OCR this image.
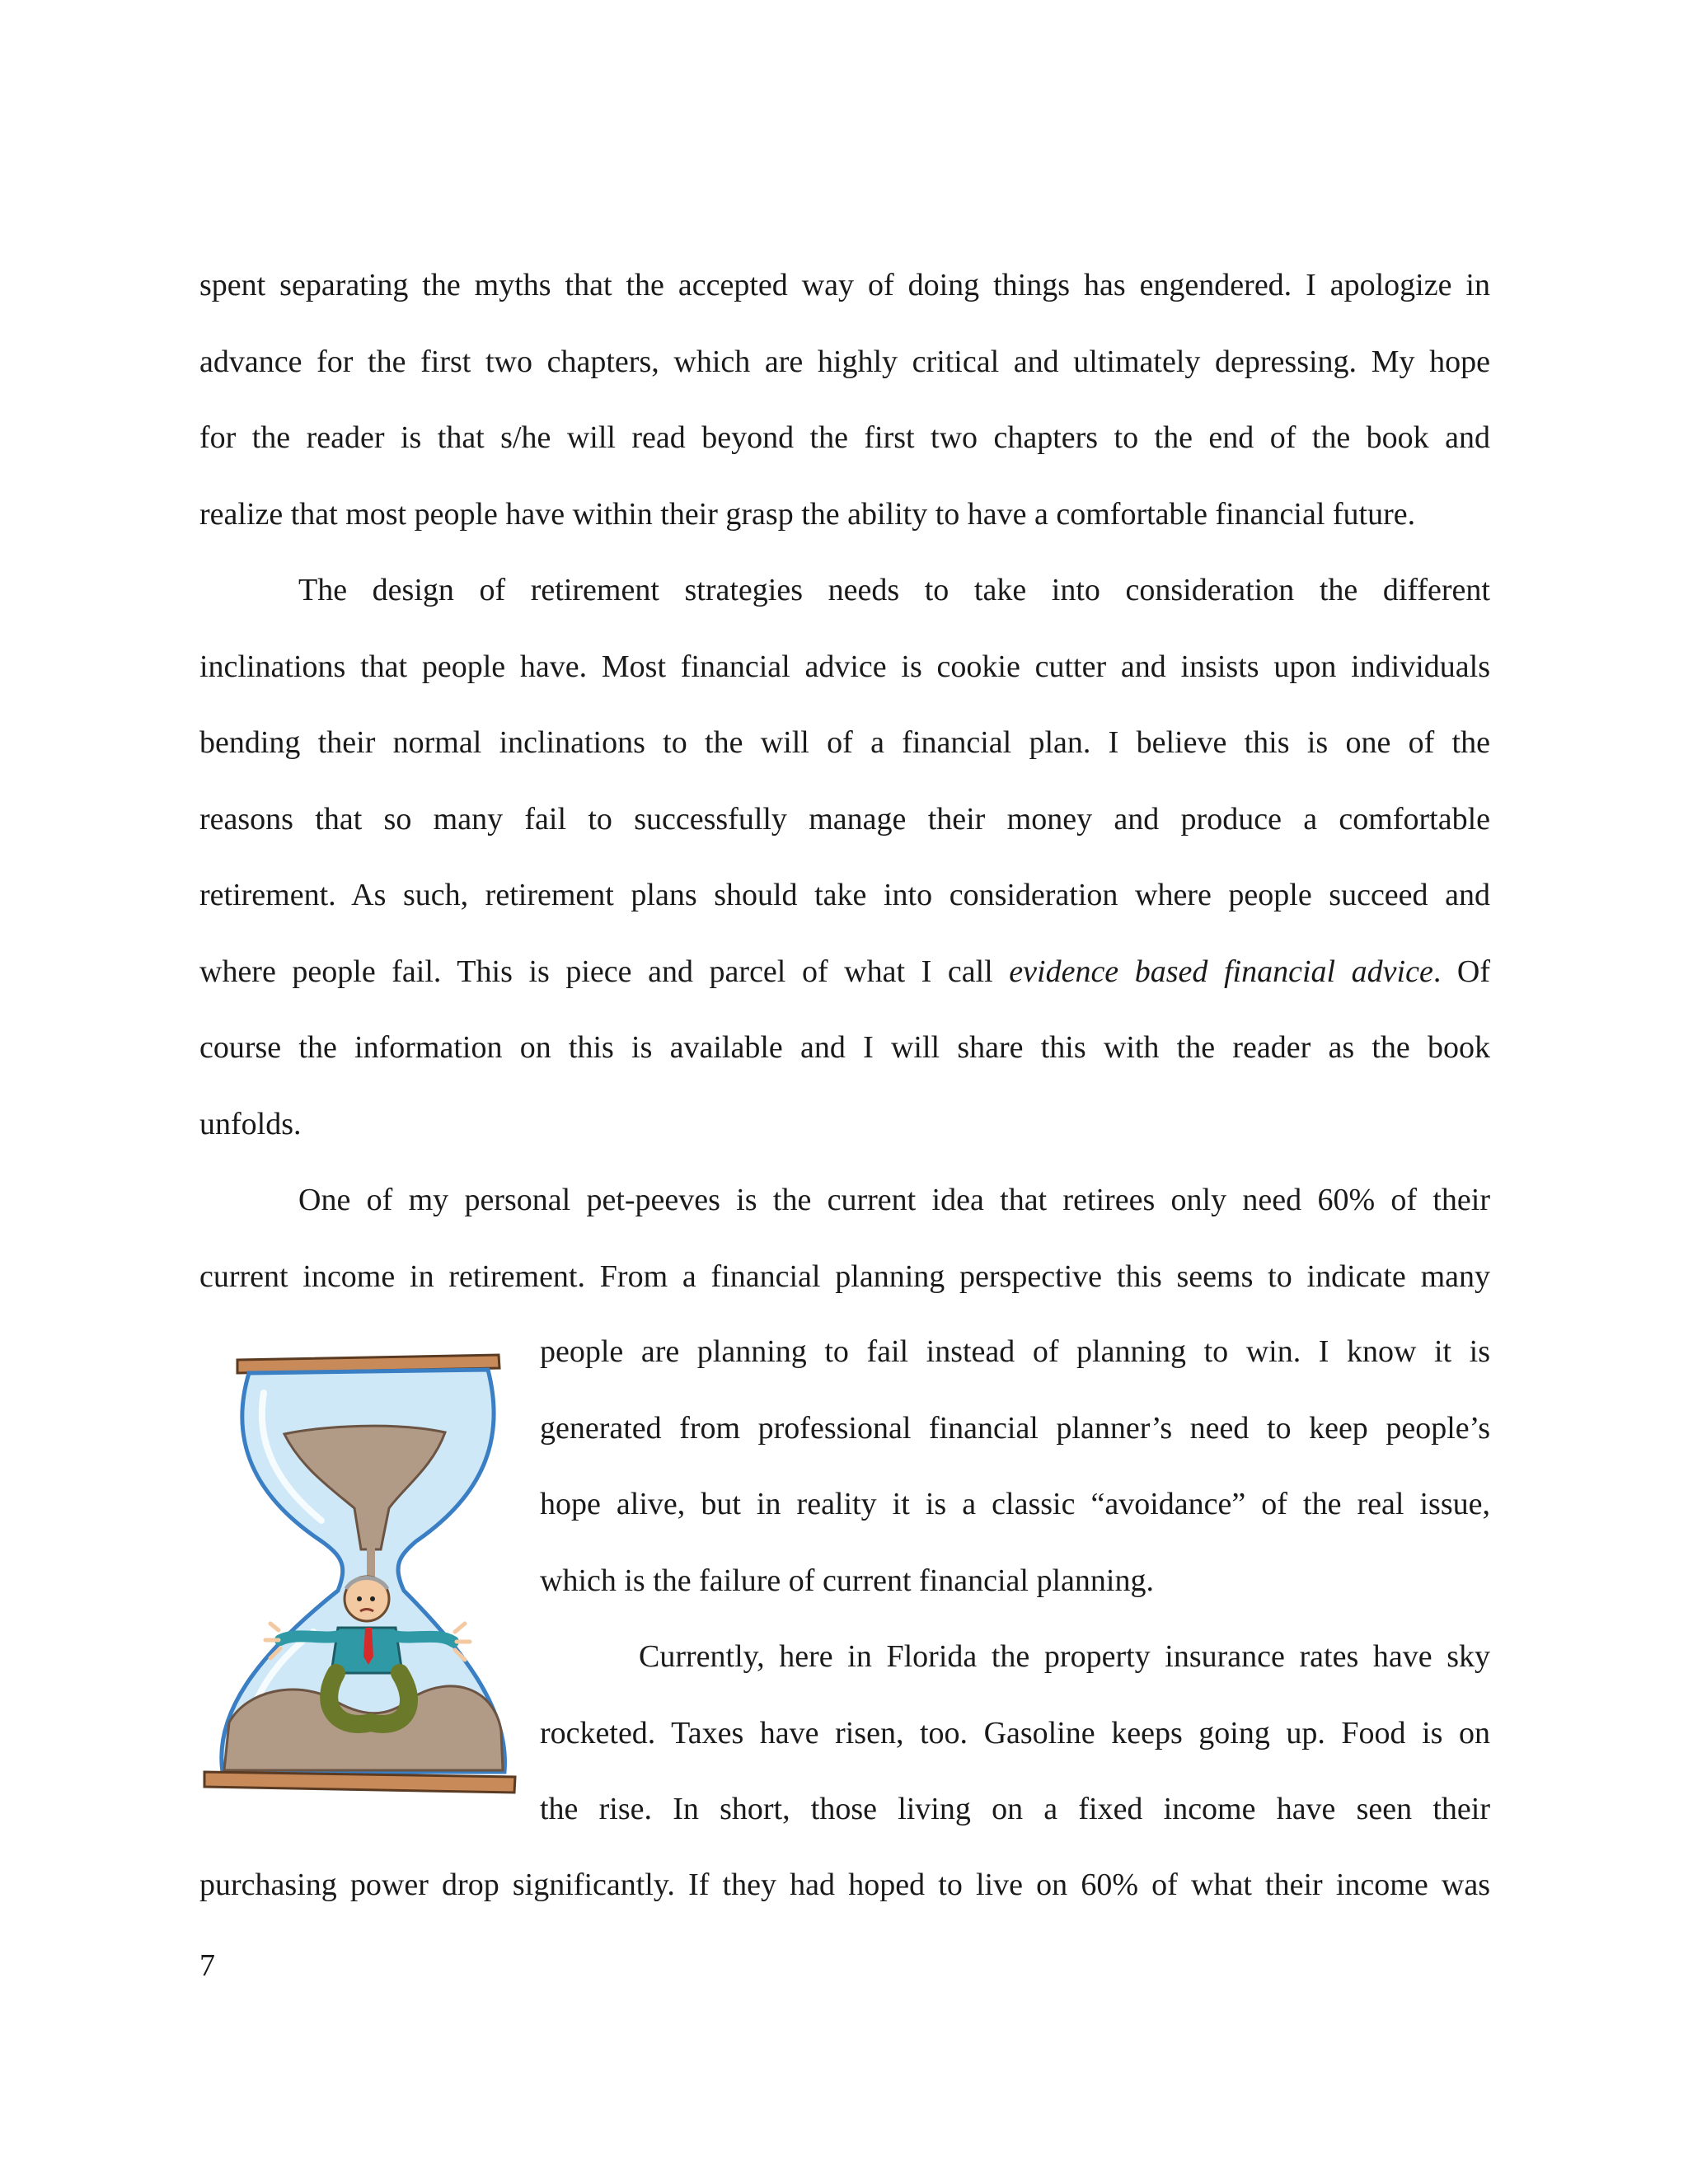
spent separating the myths that the accepted way of doing things has engendered. I apologize in
advance for the first two chapters, which are highly critical and ultimately depressing. My hope
for the reader is that s/he will read beyond the first two chapters to the end of the book and
realize that most people have within their grasp the ability to have a comfortable financial future.
The design of retirement strategies needs to take into consideration the different
inclinations that people have. Most financial advice is cookie cutter and insists upon individuals
bending their normal inclinations to the will of a financial plan. I believe this is one of the
reasons that so many fail to successfully manage their money and produce a comfortable
retirement. As such, retirement plans should take into consideration where people succeed and
where people fail. This is piece and parcel of what I call evidence based financial advice. Of
course the information on this is available and I will share this with the reader as the book
unfolds.
One of my personal pet-peeves is the current idea that retirees only need 60% of their
current income in retirement. From a financial planning perspective this seems to indicate many
people are planning to fail instead of planning to win. I know it is
generated from professional financial planner’s need to keep people’s
hope alive, but in reality it is a classic “avoidance” of the real issue,
which is the failure of current financial planning.
Currently, here in Florida the property insurance rates have sky
rocketed. Taxes have risen, too. Gasoline keeps going up. Food is on
the rise. In short, those living on a fixed income have seen their
purchasing power drop significantly. If they had hoped to live on 60% of what their income was
7
